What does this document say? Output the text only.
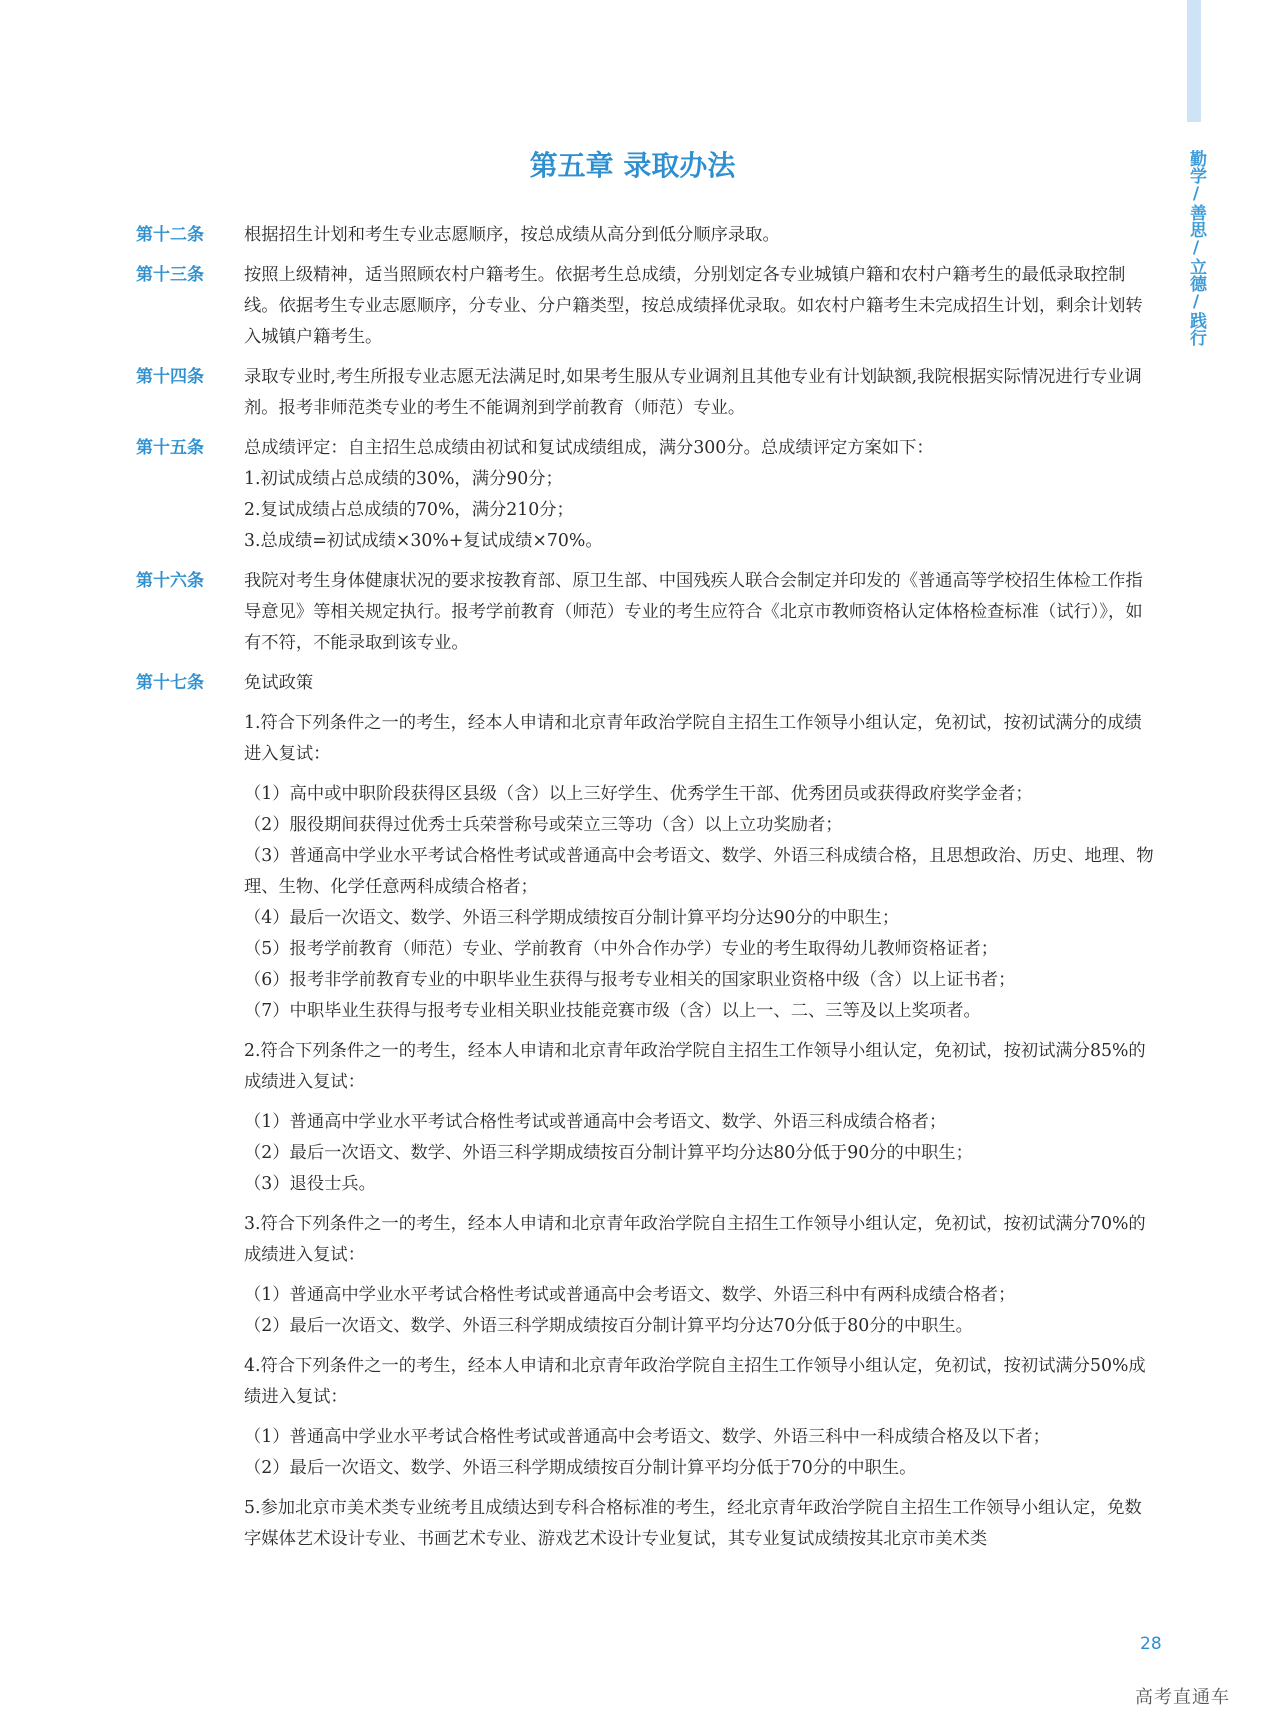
勤学/善思/立德/践行
第五章 录取办法
第十二条	根据招生计划和考生专业志愿顺序，按总成绩从高分到低分顺序录取。

第十三条	按照上级精神，适当照顾农村户籍考生。依据考生总成绩，分别划定各专业城镇户籍和农村户籍考生的最低录取控制线。依据考生专业志愿顺序，分专业、分户籍类型，按总成绩择优录取。如农村户籍考生未完成招生计划，剩余计划转入城镇户籍考生。

第十四条	录取专业时,考生所报专业志愿无法满足时,如果考生服从专业调剂且其他专业有计划缺额,我院根据实际情况进行专业调剂。报考非师范类专业的考生不能调剂到学前教育（师范）专业。

第十五条	总成绩评定：自主招生总成绩由初试和复试成绩组成，满分300分。总成绩评定方案如下：

1.初试成绩占总成绩的30%，满分90分；

2.复试成绩占总成绩的70%，满分210分；

3.总成绩=初试成绩×30%+复试成绩×70%。

第十六条	我院对考生身体健康状况的要求按教育部、原卫生部、中国残疾人联合会制定并印发的《普通高等学校招生体检工作指导意见》等相关规定执行。报考学前教育（师范）专业的考生应符合《北京市教师资格认定体格检查标准（试行）》，如有不符，不能录取到该专业。

第十七条	免试政策

1.符合下列条件之一的考生，经本人申请和北京青年政治学院自主招生工作领导小组认定，免初试，按初试满分的成绩进入复试：

（1）高中或中职阶段获得区县级（含）以上三好学生、优秀学生干部、优秀团员或获得政府奖学金者；

（2）服役期间获得过优秀士兵荣誉称号或荣立三等功（含）以上立功奖励者；

（3）普通高中学业水平考试合格性考试或普通高中会考语文、数学、外语三科成绩合格，且思想政治、历史、地理、物理、生物、化学任意两科成绩合格者；

（4）最后一次语文、数学、外语三科学期成绩按百分制计算平均分达90分的中职生；

（5）报考学前教育（师范）专业、学前教育（中外合作办学）专业的考生取得幼儿教师资格证者；

（6）报考非学前教育专业的中职毕业生获得与报考专业相关的国家职业资格中级（含）以上证书者；

（7）中职毕业生获得与报考专业相关职业技能竞赛市级（含）以上一、二、三等及以上奖项者。

2.符合下列条件之一的考生，经本人申请和北京青年政治学院自主招生工作领导小组认定，免初试，按初试满分85%的成绩进入复试：

（1）普通高中学业水平考试合格性考试或普通高中会考语文、数学、外语三科成绩合格者；

（2）最后一次语文、数学、外语三科学期成绩按百分制计算平均分达80分低于90分的中职生；

（3）退役士兵。

3.符合下列条件之一的考生，经本人申请和北京青年政治学院自主招生工作领导小组认定，免初试，按初试满分70%的成绩进入复试：

（1）普通高中学业水平考试合格性考试或普通高中会考语文、数学、外语三科中有两科成绩合格者；

（2）最后一次语文、数学、外语三科学期成绩按百分制计算平均分达70分低于80分的中职生。

4.符合下列条件之一的考生，经本人申请和北京青年政治学院自主招生工作领导小组认定，免初试，按初试满分50%成绩进入复试：

（1）普通高中学业水平考试合格性考试或普通高中会考语文、数学、外语三科中一科成绩合格及以下者；

（2）最后一次语文、数学、外语三科学期成绩按百分制计算平均分低于70分的中职生。

5.参加北京市美术类专业统考且成绩达到专科合格标准的考生，经北京青年政治学院自主招生工作领导小组认定，免数字媒体艺术设计专业、书画艺术专业、游戏艺术设计专业复试，其专业复试成绩按其北京市美术类

28
高考直通车
